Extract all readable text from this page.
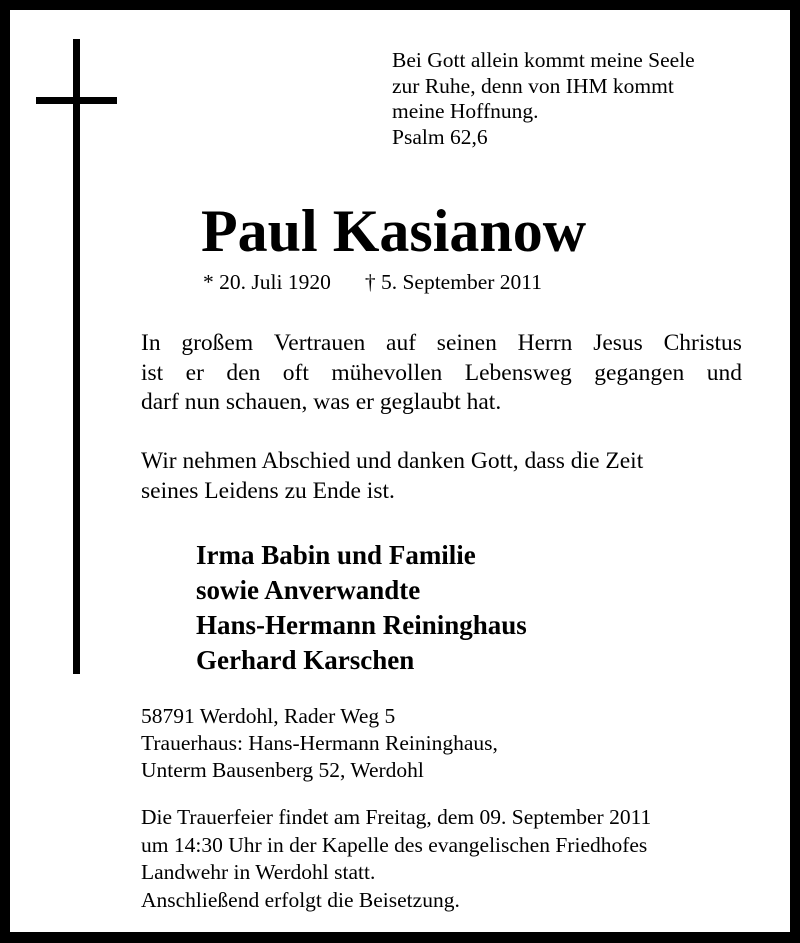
Bei Gott allein kommt meine Seele
zur Ruhe, denn von IHM kommt
meine Hoffnung.
Psalm 62,6
Paul Kasianow
* 20. Juli 1920 † 5. September 2011
In großem Vertrauen auf seinen Herrn Jesus Christus
ist er den oft mühevollen Lebensweg gegangen und
darf nun schauen, was er geglaubt hat.
Wir nehmen Abschied und danken Gott, dass die Zeit
seines Leidens zu Ende ist.
Irma Babin und Familie
sowie Anverwandte
Hans-Hermann Reininghaus
Gerhard Karschen
58791 Werdohl, Rader Weg 5
Trauerhaus: Hans-Hermann Reininghaus,
Unterm Bausenberg 52, Werdohl
Die Trauerfeier findet am Freitag, dem 09. September 2011
um 14:30 Uhr in der Kapelle des evangelischen Friedhofes
Landwehr in Werdohl statt.
Anschließend erfolgt die Beisetzung.
